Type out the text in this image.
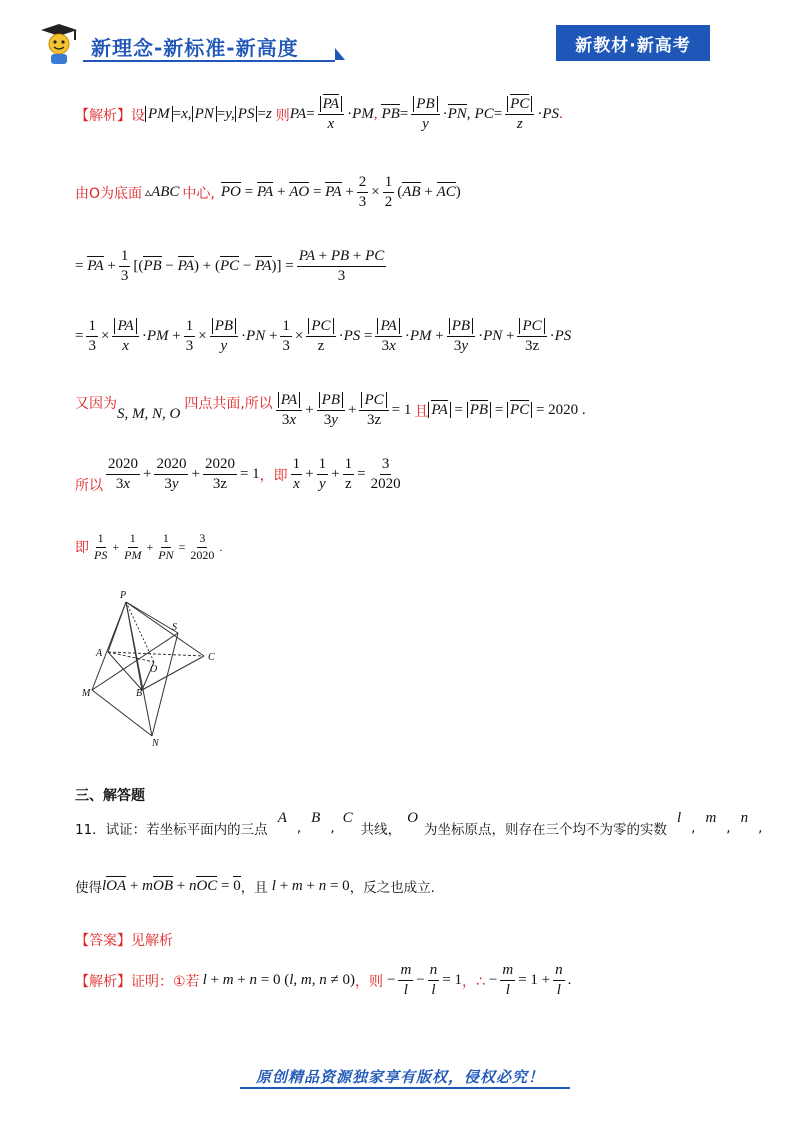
新理念-新标准-新高度	新教材·新高考
【解析】 设 PM =x, PN =y, PS =z 则 $PA= \frac{PA}{x} \cdot PM$ , $PB= \frac{PB}{y} \cdot PN$, $PC= \frac{PC}{z} \cdot PS$.
由O为底面 ▵ABC 中心, PO = PA + AO = PA + $\frac{2}{3} \times \frac{1}{2} (AB + AC)$
= PA + $\frac{1}{3} [(PB - PA) + (PC - PA)] = \frac{PA + PB + PC}{3}$
= $\frac{1}{3} \times \frac{PA}{x} \cdot PM + \frac{1}{3} \times \frac{PB}{y} \cdot PN + \frac{1}{3} \times \frac{PC}{z} \cdot PS = \frac{PA}{3x} \cdot PM + \frac{PB}{3y} \cdot PN + \frac{PC}{3z} \cdot PS$
又因为
S, M, N, O
四点共面,所以 $\frac{PA}{3x} + \frac{PB}{3y} + \frac{PC}{3z} = 1$ 且 PA = PB = PC = 2020 .
所以 $\frac{2020}{3x} + \frac{2020}{3y} + \frac{2020}{3z} = 1$ ，即 $\frac{1}{x} + \frac{1}{y} + \frac{1}{z} = \frac{3}{2020}$
即 $\frac{1}{PS} + \frac{1}{PM} + \frac{1}{PN} = \frac{3}{2020}$ .
P
S
A	C
O
B
M
N
三、解答题
11．试证：若坐标平面内的三点
A
,
B
,
C
共线，
O
为坐标原点，则存在三个均不为零的实数
l
,
m
,
n
,
使得 lOA + mOB + nOC = 0 ，且 l + m + n = 0 ，反之也成立.
【答案】 见解析
【解析】 证明：①若 l + m + n = 0 (l, m, n ≠ 0) ，则 − $\frac{m}{l} - \frac{n}{l} = 1$ ，∴ − $\frac{m}{l} = 1 + \frac{n}{l}$ .
原创精品资源独家享有版权，侵权必究！
